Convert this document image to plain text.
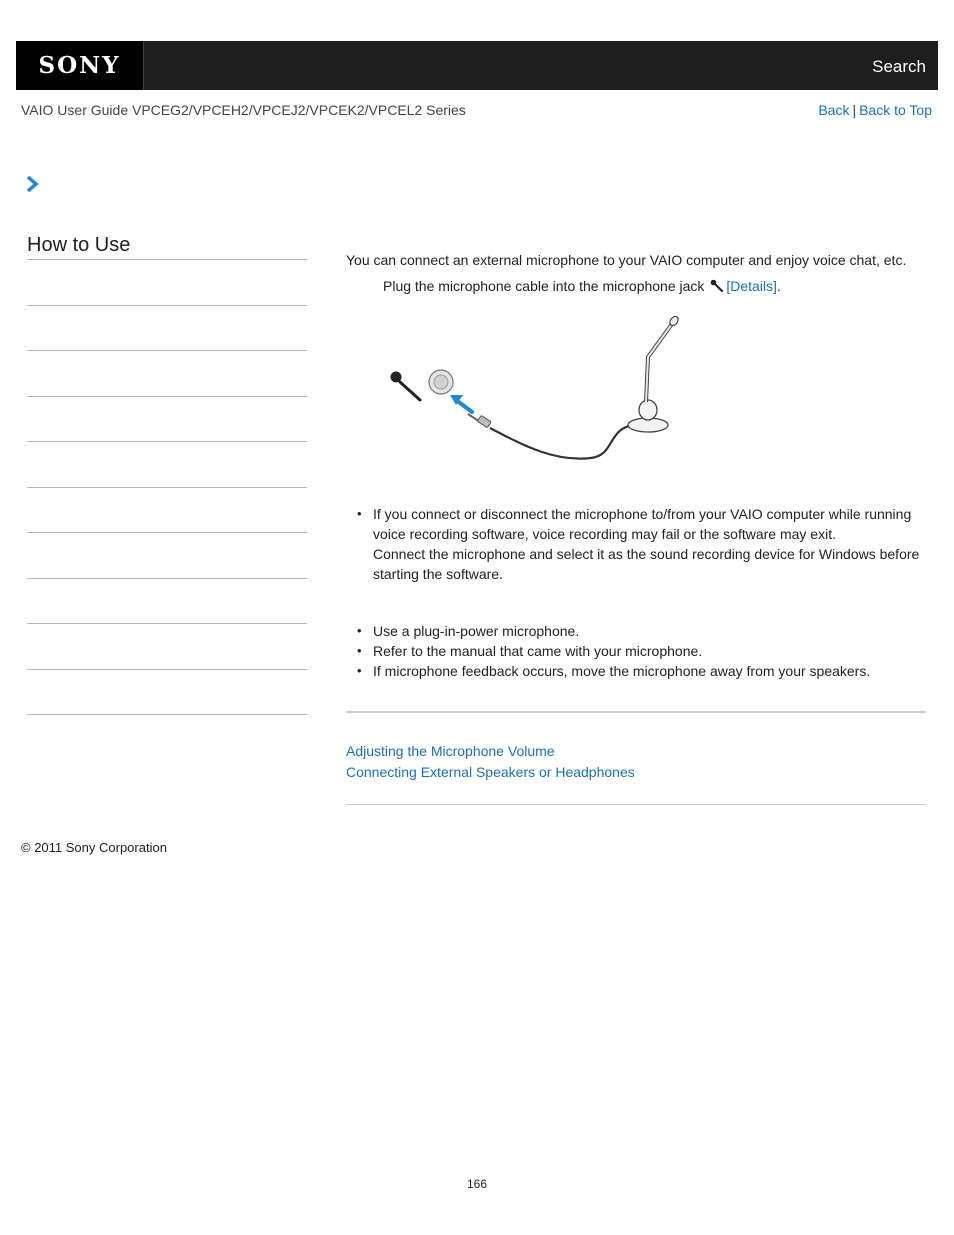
SONY	Search
VAIO User Guide VPCEG2/VPCEH2/VPCEJ2/VPCEK2/VPCEL2 Series	Back | Back to Top
How to Use
You can connect an external microphone to your VAIO computer and enjoy voice chat, etc.
Plug the microphone cable into the microphone jack [Details].
• If you connect or disconnect the microphone to/from your VAIO computer while running voice recording software, voice recording may fail or the software may exit.
Connect the microphone and select it as the sound recording device for Windows before starting the software.
• Use a plug-in-power microphone.
• Refer to the manual that came with your microphone.
• If microphone feedback occurs, move the microphone away from your speakers.
Adjusting the Microphone Volume
Connecting External Speakers or Headphones
© 2011 Sony Corporation
166
